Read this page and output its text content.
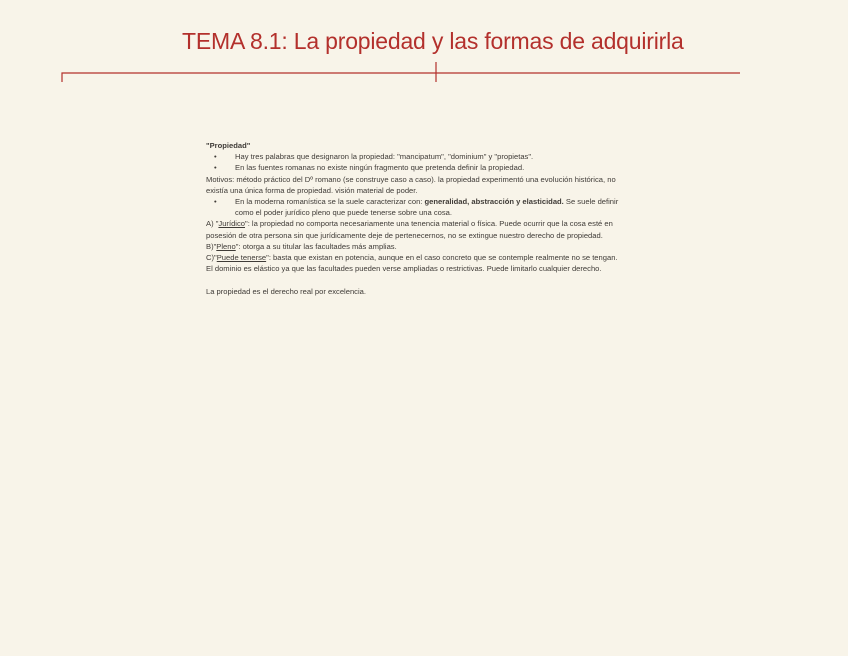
TEMA 8.1: La propiedad y las formas de adquirirla

"Propiedad"

• Hay tres palabras que designaron la propiedad: "mancipatum", "dominium" y "propietas".

• En las fuentes romanas no existe ningún fragmento que pretenda definir la propiedad.

Motivos: método práctico del Dº romano (se construye caso a caso). la propiedad experimentó una evolución histórica, no existía una única forma de propiedad. visión material de poder.

• En la moderna romanística se la suele caracterizar con: generalidad, abstracción y elasticidad. Se suele definir como el poder jurídico pleno que puede tenerse sobre una cosa.

A) "Jurídico": la propiedad no comporta necesariamente una tenencia material o física. Puede ocurrir que la cosa esté en posesión de otra persona sin que jurídicamente deje de pertenecernos, no se extingue nuestro derecho de propiedad.

B)"Pleno": otorga a su titular las facultades más amplias.

C)"Puede tenerse": basta que existan en potencia, aunque en el caso concreto que se contemple realmente no se tengan. El dominio es elástico ya que las facultades pueden verse ampliadas o restrictivas. Puede limitarlo cualquier derecho.

La propiedad es el derecho real por excelencia.
